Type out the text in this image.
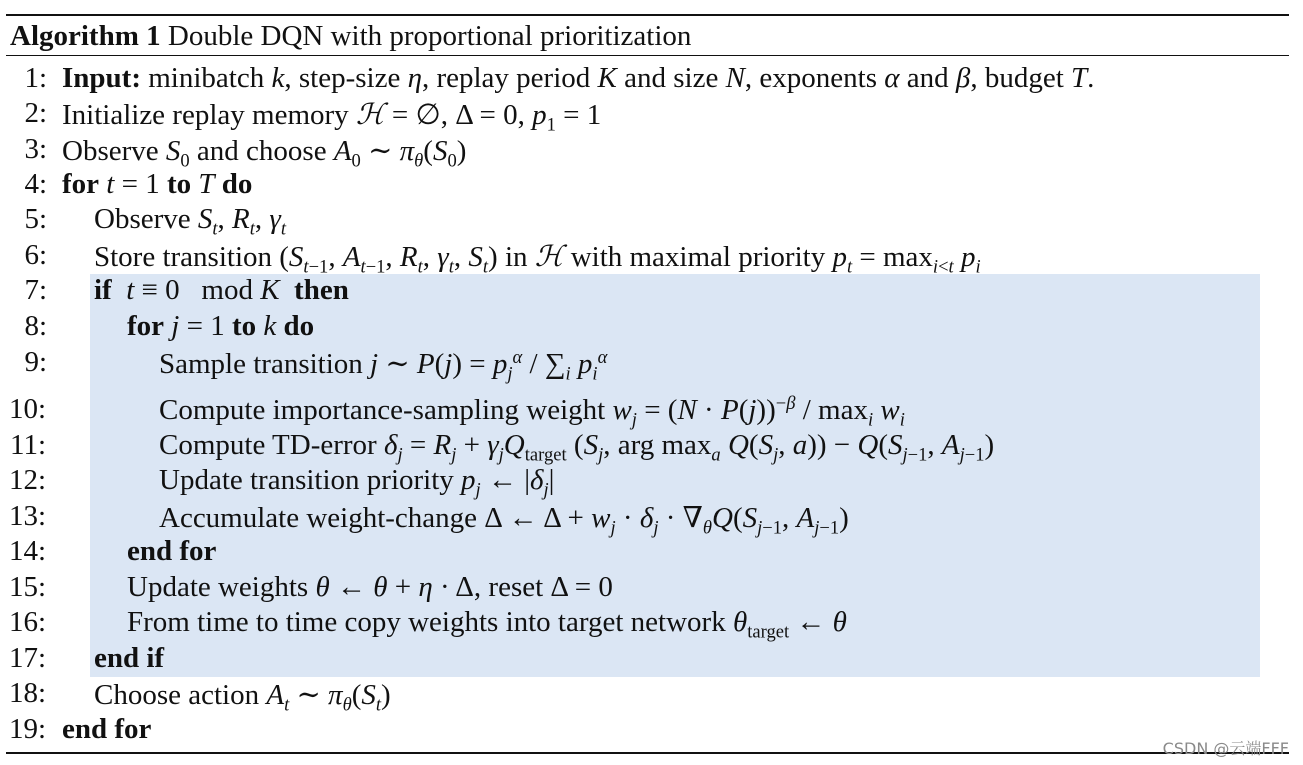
Algorithm 1 Double DQN with proportional prioritization
1: Input: minibatch k, step-size η, replay period K and size N, exponents α and β, budget T.
2: Initialize replay memory ℋ = ∅, Δ = 0, $p_1 = 1$
3: Observe $S_0$ and choose $A_0$ ∼ $\pi_\theta(S_0)$
4: for t = 1 to T do
5: Observe $S_t$, $R_t$, $\gamma_t$
6: Store transition ($S_{t-1}$, $A_{t-1}$, $R_t$, $\gamma_t$, $S_t$) in ℋ with maximal priority $p_t = \max_{i<t} p_i$
7: if t ≡ 0   mod K then
8:	for j = 1 to k do
9:	Sample transition j ∼ $P(j) = p_j^\alpha / \sum_i$ $p_i^\alpha$
10:	Compute importance-sampling weight $w_j = (N \cdot P(j))^{-\beta} / \max_i w_i$
11:	Compute TD-error $\delta_j = R_j + \gamma_jQ_{target}$ ($S_j$, arg $\max_a Q(S_j$, $a)) - Q(S_{j-1}$, $A_{j-1}$)
12:	Update transition priority $p_j$ ← $|\delta_j|$
13:	Accumulate weight-change Δ ← $\Delta + w_j \cdot \delta_j \cdot \nabla_\theta Q(S_{j-1}$, $A_{j-1}$)
14:	end for
15:	Update weights θ ← θ + η · Δ, reset Δ = 0
16:	From time to time copy weights into target network $\theta_{target}$ ← θ
17: end if
18: Choose action $A_t$ ∼ $\pi_\theta(S_t)$
19: end for
CSDN @云端FFF
